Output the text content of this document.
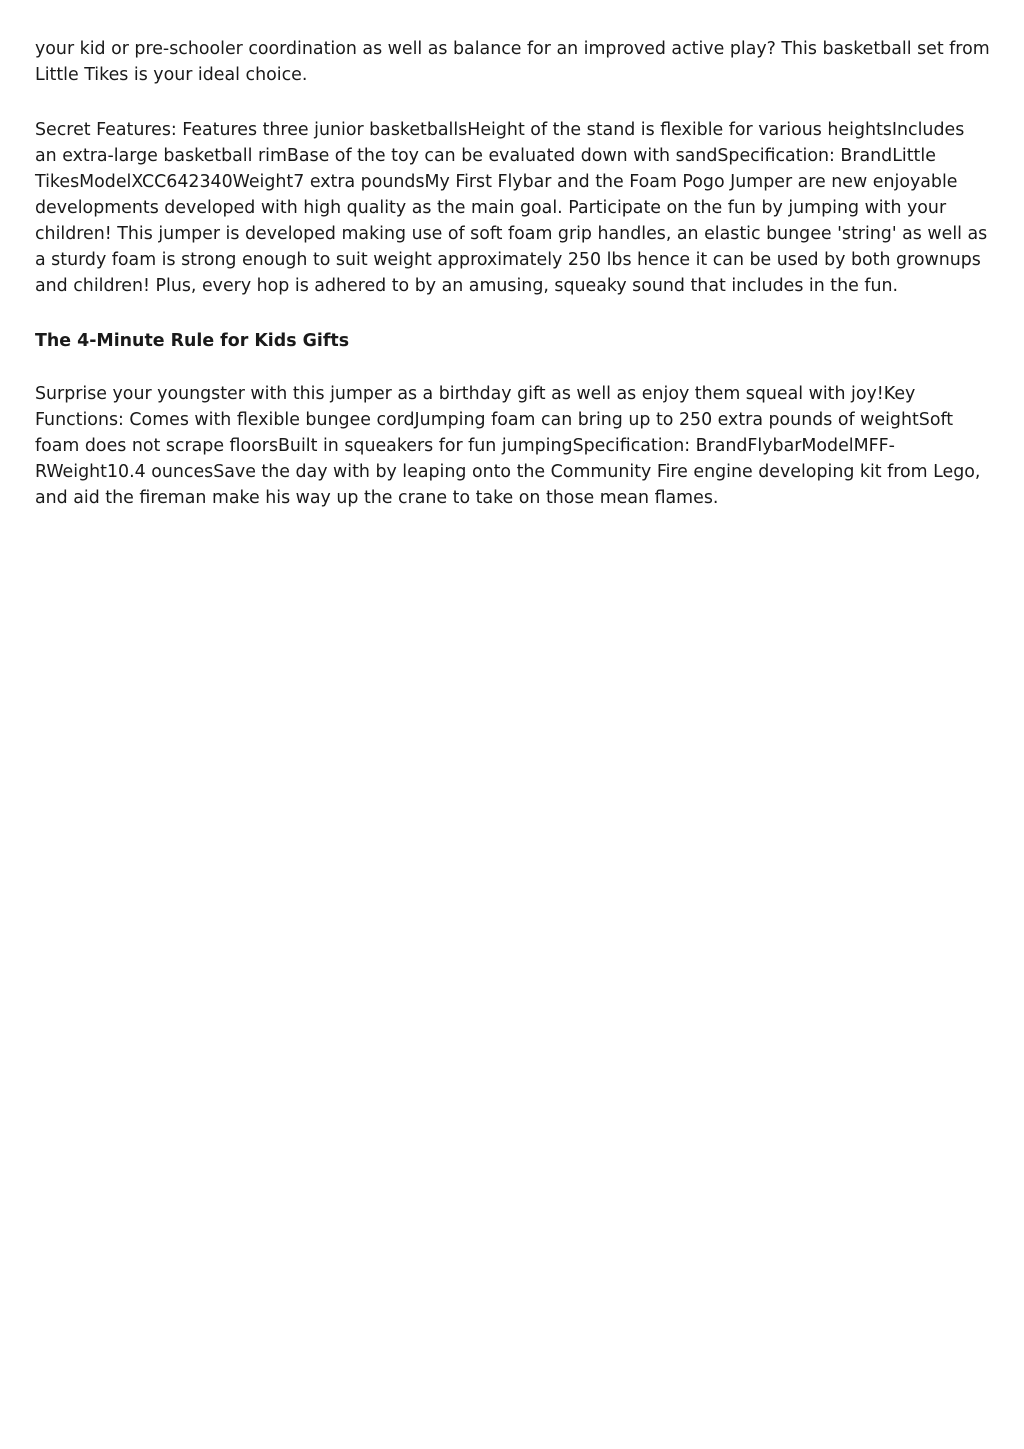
your kid or pre-schooler coordination as well as balance for an improved active play? This basketball set from Little Tikes is your ideal choice.

Secret Features: Features three junior basketballsHeight of the stand is flexible for various heightsIncludes an extra-large basketball rimBase of the toy can be evaluated down with sandSpecification: BrandLittle TikesModelXCC642340Weight7 extra poundsMy First Flybar and the Foam Pogo Jumper are new enjoyable developments developed with high quality as the main goal. Participate on the fun by jumping with your children! This jumper is developed making use of soft foam grip handles, an elastic bungee 'string' as well as a sturdy foam is strong enough to suit weight approximately 250 lbs hence it can be used by both grownups and children! Plus, every hop is adhered to by an amusing, squeaky sound that includes in the fun.

The 4-Minute Rule for Kids Gifts

Surprise your youngster with this jumper as a birthday gift as well as enjoy them squeal with joy!Key Functions: Comes with flexible bungee cordJumping foam can bring up to 250 extra pounds of weightSoft foam does not scrape floorsBuilt in squeakers for fun jumpingSpecification: BrandFlybarModelMFF-RWeight10.4 ouncesSave the day with by leaping onto the Community Fire engine developing kit from Lego, and aid the fireman make his way up the crane to take on those mean flames.
